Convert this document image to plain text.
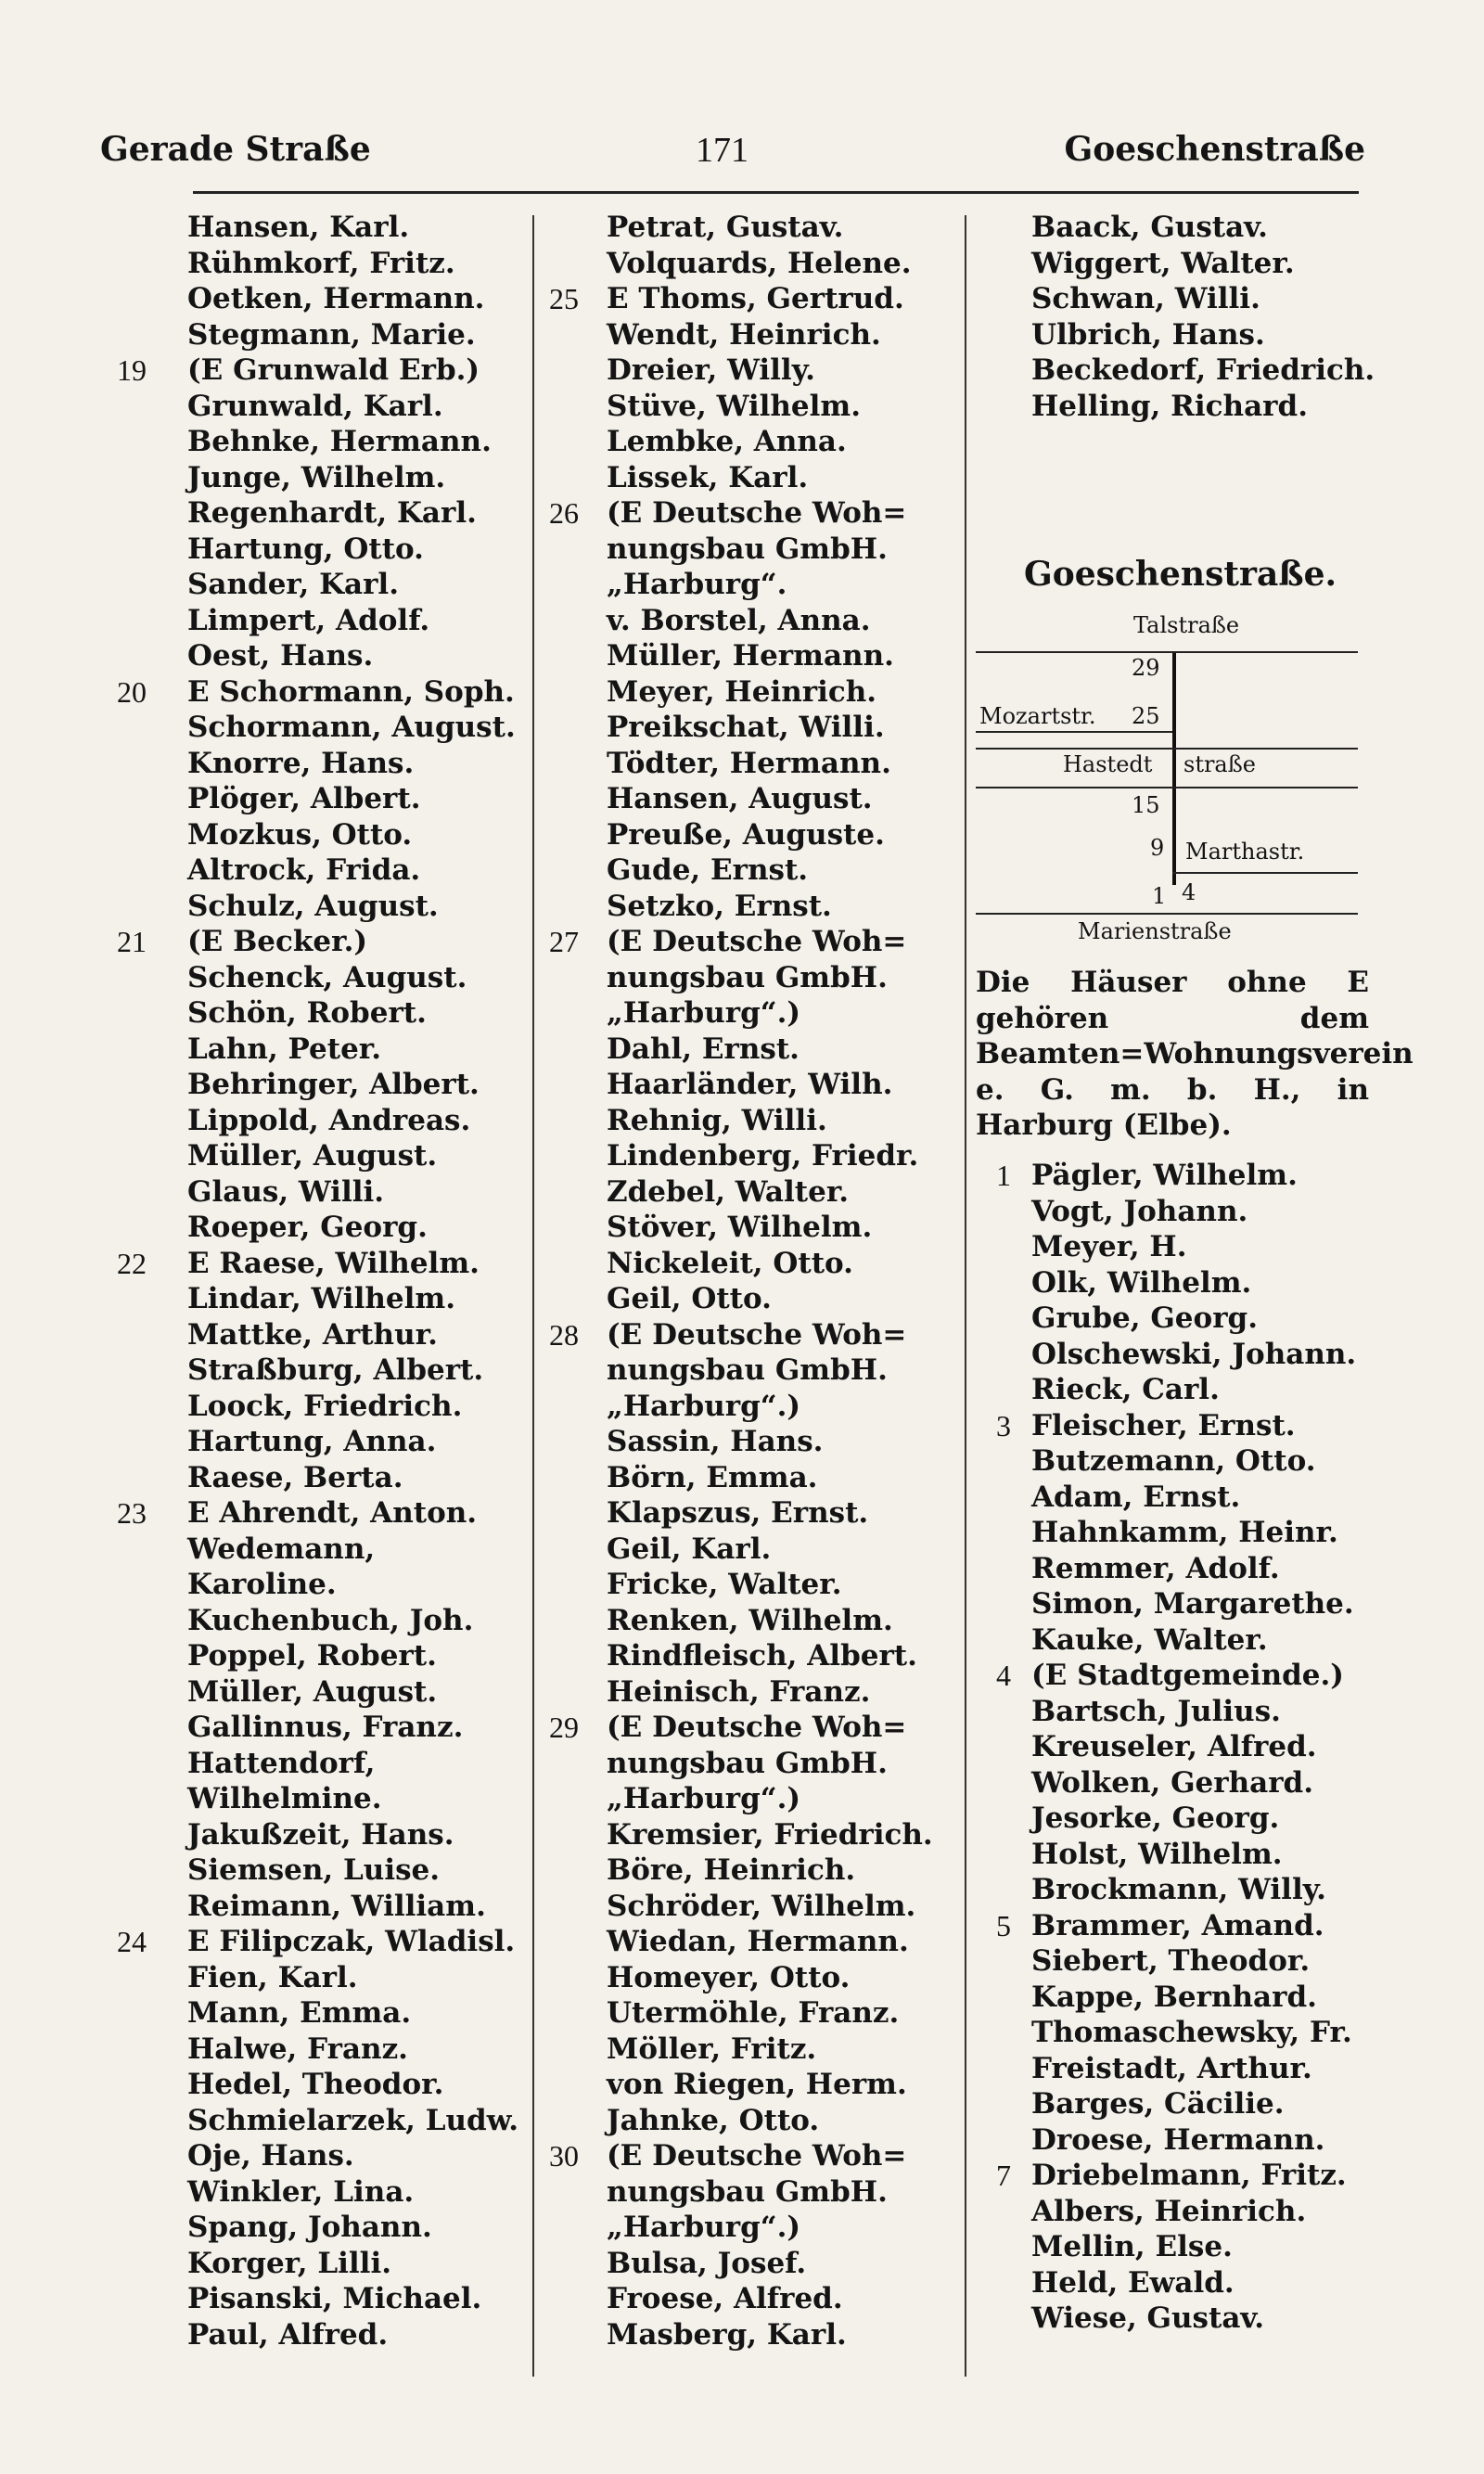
Gerade Straße	171	Goeschenstraße
Hansen, Karl.
Rühmkorf, Fritz.
Oetken, Hermann.
Stegmann, Marie.
19 (E Grunwald Erb.)
Grunwald, Karl.
Behnke, Hermann.
Junge, Wilhelm.
Regenhardt, Karl.
Hartung, Otto.
Sander, Karl.
Limpert, Adolf.
Oest, Hans.
20 E Schormann, Soph.
Schormann, August.
Knorre, Hans.
Plöger, Albert.
Mozkus, Otto.
Altrock, Frida.
Schulz, August.
21 (E Becker.)
Schenck, August.
Schön, Robert.
Lahn, Peter.
Behringer, Albert.
Lippold, Andreas.
Müller, August.
Glaus, Willi.
Roeper, Georg.
22 E Raese, Wilhelm.
Lindar, Wilhelm.
Mattke, Arthur.
Straßburg, Albert.
Loock, Friedrich.
Hartung, Anna.
Raese, Berta.
23 E Ahrendt, Anton.
Wedemann,
Karoline.
Kuchenbuch, Joh.
Poppel, Robert.
Müller, August.
Gallinnus, Franz.
Hattendorf,
Wilhelmine.
Jakußzeit, Hans.
Siemsen, Luise.
Reimann, William.
24 E Filipczak, Wladisl.
Fien, Karl.
Mann, Emma.
Halwe, Franz.
Hedel, Theodor.
Schmielarzek, Ludw.
Oje, Hans.
Winkler, Lina.
Spang, Johann.
Korger, Lilli.
Pisanski, Michael.
Paul, Alfred.
Petrat, Gustav.
Volquards, Helene.
25 E Thoms, Gertrud.
Wendt, Heinrich.
Dreier, Willy.
Stüve, Wilhelm.
Lembke, Anna.
Lissek, Karl.
26 (E Deutsche Woh=
nungsbau GmbH.
„Harburg“.
v. Borstel, Anna.
Müller, Hermann.
Meyer, Heinrich.
Preikschat, Willi.
Tödter, Hermann.
Hansen, August.
Preuße, Auguste.
Gude, Ernst.
Setzko, Ernst.
27 (E Deutsche Woh=
nungsbau GmbH.
„Harburg“.)
Dahl, Ernst.
Haarländer, Wilh.
Rehnig, Willi.
Lindenberg, Friedr.
Zdebel, Walter.
Stöver, Wilhelm.
Nickeleit, Otto.
Geil, Otto.
28 (E Deutsche Woh=
nungsbau GmbH.
„Harburg“.)
Sassin, Hans.
Börn, Emma.
Klapszus, Ernst.
Geil, Karl.
Fricke, Walter.
Renken, Wilhelm.
Rindfleisch, Albert.
Heinisch, Franz.
29 (E Deutsche Woh=
nungsbau GmbH.
„Harburg“.)
Kremsier, Friedrich.
Böre, Heinrich.
Schröder, Wilhelm.
Wiedan, Hermann.
Homeyer, Otto.
Utermöhle, Franz.
Möller, Fritz.
von Riegen, Herm.
Jahnke, Otto.
30 (E Deutsche Woh=
nungsbau GmbH.
„Harburg“.)
Bulsa, Josef.
Froese, Alfred.
Masberg, Karl.
Baack, Gustav.
Wiggert, Walter.
Schwan, Willi.
Ulbrich, Hans.
Beckedorf, Friedrich.
Helling, Richard.
Goeschenstraße.
Talstraße
29
Mozartstr. 25
Hastedt straße
15
9 Marthastr.
1 4
Marienstraße
Die Häuser ohne E gehören dem Beamten=Wohnungsverein e. G. m. b. H., in Harburg (Elbe).
1 Pägler, Wilhelm.
Vogt, Johann.
Meyer, H.
Olk, Wilhelm.
Grube, Georg.
Olschewski, Johann.
Rieck, Carl.
3 Fleischer, Ernst.
Butzemann, Otto.
Adam, Ernst.
Hahnkamm, Heinr.
Remmer, Adolf.
Simon, Margarethe.
Kauke, Walter.
4 (E Stadtgemeinde.)
Bartsch, Julius.
Kreuseler, Alfred.
Wolken, Gerhard.
Jesorke, Georg.
Holst, Wilhelm.
Brockmann, Willy.
5 Brammer, Amand.
Siebert, Theodor.
Kappe, Bernhard.
Thomaschewsky, Fr.
Freistadt, Arthur.
Barges, Cäcilie.
Droese, Hermann.
7 Driebelmann, Fritz.
Albers, Heinrich.
Mellin, Else.
Held, Ewald.
Wiese, Gustav.
